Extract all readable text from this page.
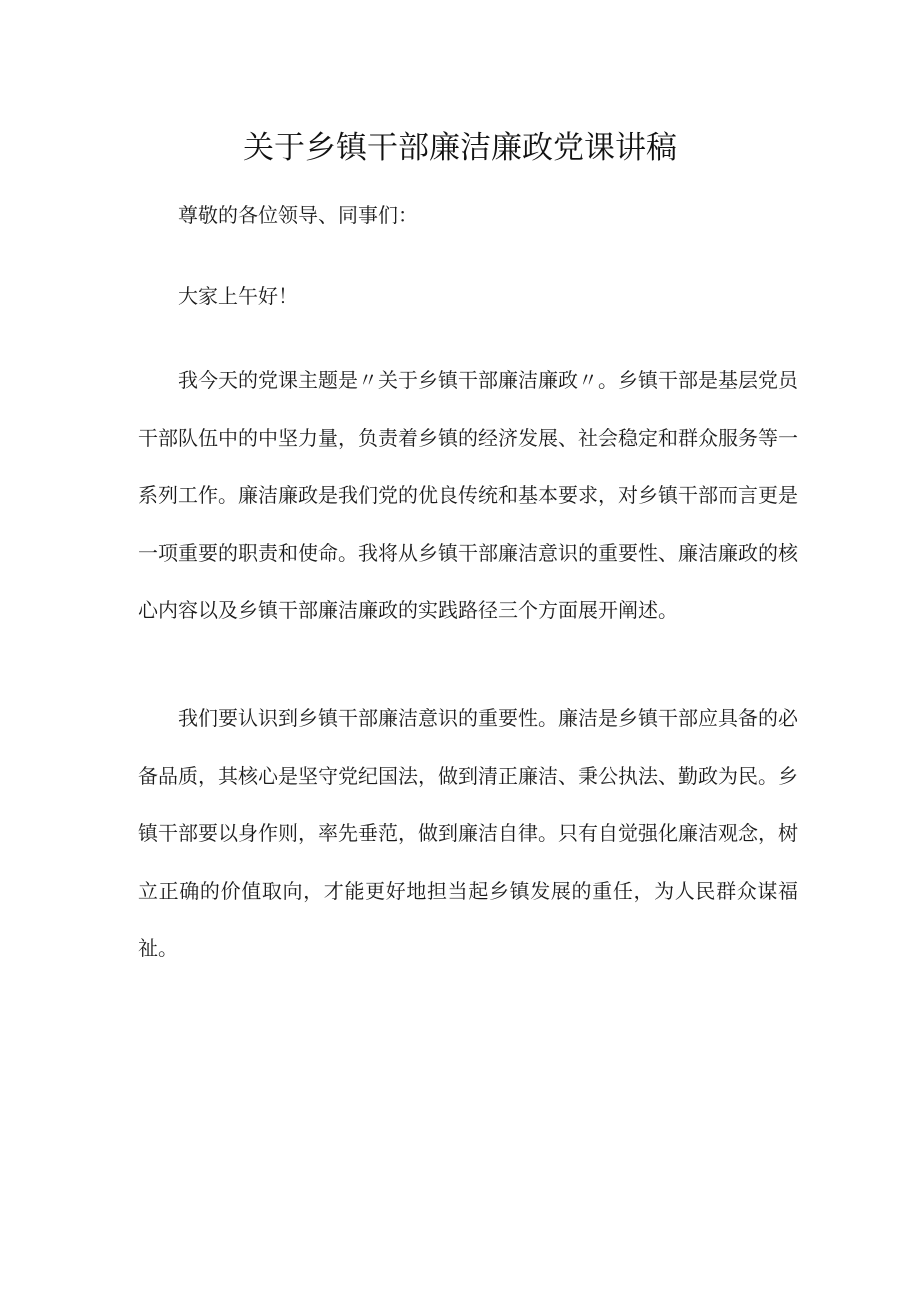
关于乡镇干部廉洁廉政党课讲稿

尊敬的各位领导、同事们：

大家上午好！

我今天的党课主题是〃关于乡镇干部廉洁廉政〃。乡镇干部是基层党员干部队伍中的中坚力量，负责着乡镇的经济发展、社会稳定和群众服务等一系列工作。廉洁廉政是我们党的优良传统和基本要求，对乡镇干部而言更是一项重要的职责和使命。我将从乡镇干部廉洁意识的重要性、廉洁廉政的核心内容以及乡镇干部廉洁廉政的实践路径三个方面展开阐述。

我们要认识到乡镇干部廉洁意识的重要性。廉洁是乡镇干部应具备的必备品质，其核心是坚守党纪国法，做到清正廉洁、秉公执法、勤政为民。乡镇干部要以身作则，率先垂范，做到廉洁自律。只有自觉强化廉洁观念，树立正确的价值取向，才能更好地担当起乡镇发展的重任，为人民群众谋福祉。
